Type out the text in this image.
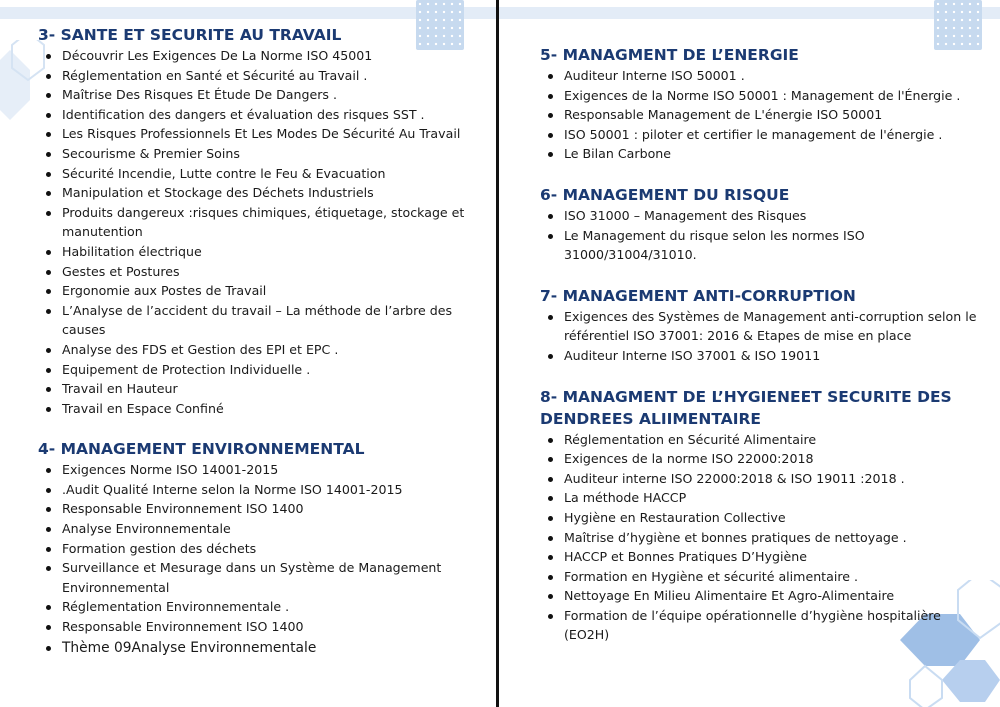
3- SANTE ET SECURITE AU TRAVAIL
Découvrir Les Exigences De La Norme ISO 45001
Réglementation en Santé et Sécurité au Travail .
Maîtrise Des Risques Et Étude De Dangers .
Identification des dangers et évaluation des risques SST .
Les Risques Professionnels Et Les Modes De Sécurité Au Travail
Secourisme & Premier Soins
Sécurité Incendie, Lutte contre le Feu & Evacuation
Manipulation et Stockage des Déchets Industriels
Produits dangereux :risques chimiques, étiquetage, stockage et manutention
Habilitation électrique
Gestes et Postures
Ergonomie aux Postes de Travail
L’Analyse de l’accident du travail – La méthode de l’arbre des causes
Analyse des FDS et Gestion des EPI et EPC .
Equipement de Protection Individuelle .
Travail en Hauteur
Travail en Espace Confiné
4- MANAGEMENT ENVIRONNEMENTAL
Exigences Norme ISO 14001-2015
.Audit Qualité Interne selon la Norme ISO 14001-2015
Responsable Environnement ISO 1400
Analyse Environnementale
Formation gestion des déchets
Surveillance et Mesurage dans un Système de Management Environnemental
Réglementation Environnementale .
Responsable Environnement ISO 1400
Thème 09Analyse Environnementale
5- MANAGMENT DE L’ENERGIE
Auditeur Interne ISO 50001 .
Exigences de la Norme ISO 50001 : Management de l'Énergie .
Responsable Management de L'énergie ISO 50001
ISO 50001 : piloter et certifier le management de l'énergie .
Le Bilan Carbone
6- MANAGEMENT DU RISQUE
ISO 31000 – Management des Risques
Le Management du risque selon les normes ISO 31000/31004/31010.
7- MANAGEMENT ANTI-CORRUPTION
Exigences des Systèmes de Management anti-corruption selon le référentiel ISO 37001: 2016 & Etapes de mise en place
Auditeur Interne ISO 37001 & ISO 19011
8- MANAGMENT DE L’HYGIENEET SECURITE DES DENDREES ALIIMENTAIRE
Réglementation en Sécurité Alimentaire
Exigences de la norme ISO 22000:2018
Auditeur interne ISO 22000:2018 & ISO 19011 :2018 .
La méthode HACCP
Hygiène en Restauration Collective
Maîtrise d’hygiène et bonnes pratiques de nettoyage .
HACCP et Bonnes Pratiques D’Hygiène
Formation en Hygiène et sécurité alimentaire .
Nettoyage En Milieu Alimentaire Et Agro-Alimentaire
Formation de l’équipe opérationnelle d’hygiène hospitalière (EO2H)
